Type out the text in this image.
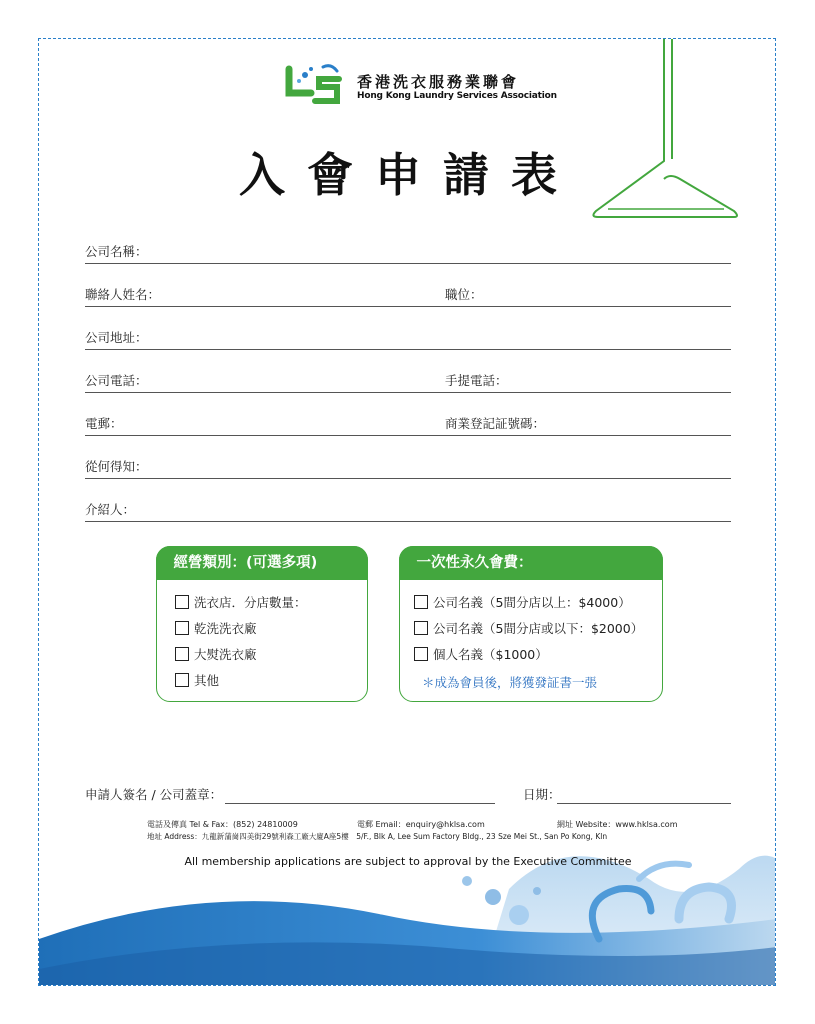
香港洗衣服務業聯會
Hong Kong Laundry Services Association
入會申請表
公司名稱：
聯絡人姓名：	職位：
公司地址：
公司電話：	手提電話：
電郵：	商業登記証號碼：
從何得知：
介紹人：
經營類別：(可選多項)
洗衣店．分店數量：
乾洗洗衣廠
大熨洗衣廠
其他
一次性永久會費：
公司名義（5間分店以上：$4000）
公司名義（5間分店或以下：$2000）
個人名義（$1000）
＊成為會員後，將獲發証書一張
申請人簽名 / 公司蓋章：	日期：
電話及傳真 Tel & Fax：(852) 24810009	電郵 Email：enquiry@hklsa.com	網址 Website：www.hklsa.com
地址 Address：九龍新蒲崗四美街29號利森工廠大廈A座5樓　5/F., Blk A, Lee Sum Factory Bldg., 23 Sze Mei St., San Po Kong, Kln
All membership applications are subject to approval by the Executive Committee
